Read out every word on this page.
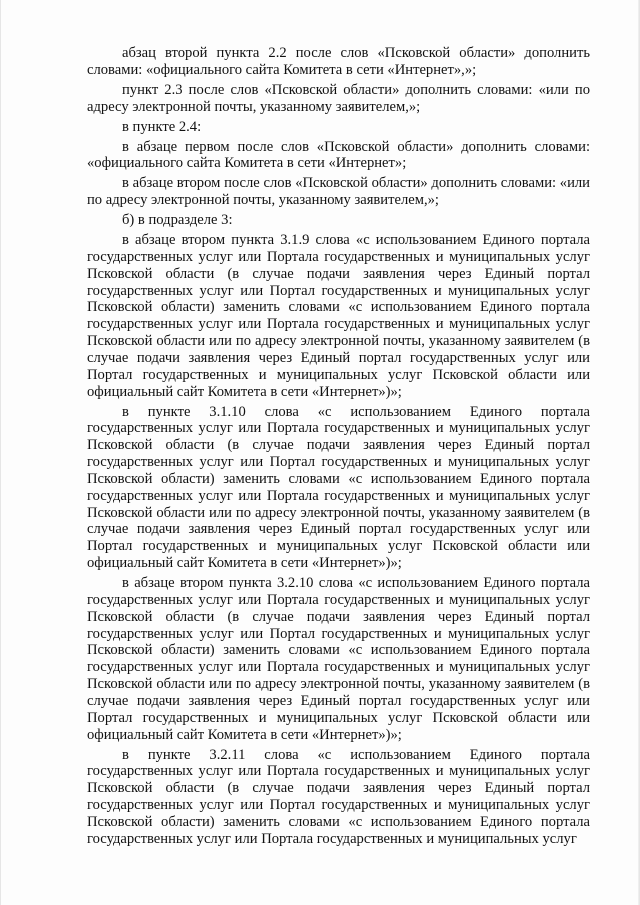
абзац второй пункта 2.2 после слов «Псковской области» дополнить словами: «официального сайта Комитета в сети «Интернет»,»;

пункт 2.3 после слов «Псковской области» дополнить словами: «или по адресу электронной почты, указанному заявителем,»;

в пункте 2.4:

в абзаце первом после слов «Псковской области» дополнить словами: «официального сайта Комитета в сети «Интернет»;

в абзаце втором после слов «Псковской области» дополнить словами: «или по адресу электронной почты, указанному заявителем,»;

б) в подразделе 3:

в абзаце втором пункта 3.1.9 слова «с использованием Единого портала государственных услуг или Портала государственных и муниципальных услуг Псковской области (в случае подачи заявления через Единый портал государственных услуг или Портал государственных и муниципальных услуг Псковской области) заменить словами «с использованием Единого портала государственных услуг или Портала государственных и муниципальных услуг Псковской области или по адресу электронной почты, указанному заявителем (в случае подачи заявления через Единый портал государственных услуг или Портал государственных и муниципальных услуг Псковской области или официальный сайт Комитета в сети «Интернет»)»;

в пункте 3.1.10 слова «с использованием Единого портала государственных услуг или Портала государственных и муниципальных услуг Псковской области (в случае подачи заявления через Единый портал государственных услуг или Портал государственных и муниципальных услуг Псковской области) заменить словами «с использованием Единого портала государственных услуг или Портала государственных и муниципальных услуг Псковской области или по адресу электронной почты, указанному заявителем (в случае подачи заявления через Единый портал государственных услуг или Портал государственных и муниципальных услуг Псковской области или официальный сайт Комитета в сети «Интернет»)»;

в абзаце втором пункта 3.2.10 слова «с использованием Единого портала государственных услуг или Портала государственных и муниципальных услуг Псковской области (в случае подачи заявления через Единый портал государственных услуг или Портал государственных и муниципальных услуг Псковской области) заменить словами «с использованием Единого портала государственных услуг или Портала государственных и муниципальных услуг Псковской области или по адресу электронной почты, указанному заявителем (в случае подачи заявления через Единый портал государственных услуг или Портал государственных и муниципальных услуг Псковской области или официальный сайт Комитета в сети «Интернет»)»;

в пункте 3.2.11 слова «с использованием Единого портала государственных услуг или Портала государственных и муниципальных услуг Псковской области (в случае подачи заявления через Единый портал государственных услуг или Портал государственных и муниципальных услуг Псковской области) заменить словами «с использованием Единого портала государственных услуг или Портала государственных и муниципальных услуг
